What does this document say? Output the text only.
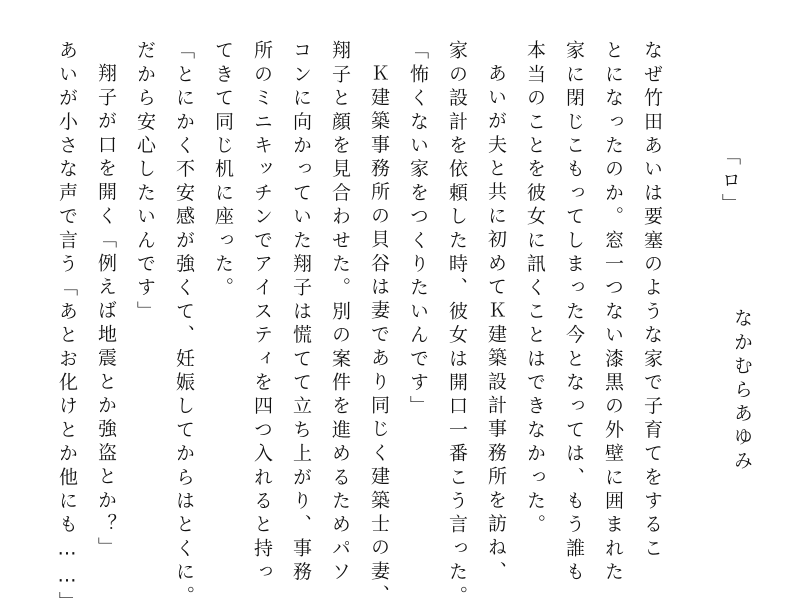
「ロ」
なかむらあゆみ
なぜ竹田あいは要塞のような家で子育てをするこ
とになったのか。窓一つない漆黒の外壁に囲まれた
家に閉じこもってしまった今となっては、もう誰も
本当のことを彼女に訊くことはできなかった。
あいが夫と共に初めてＫ建築設計事務所を訪ね、
家の設計を依頼した時、彼女は開口一番こう言った。
「怖くない家をつくりたいんです」
Ｋ建築事務所の貝谷は妻であり同じく建築士の妻、
翔子と顔を見合わせた。別の案件を進めるためパソ
コンに向かっていた翔子は慌てて立ち上がり、事務
所のミニキッチンでアイスティを四つ入れると持っ
てきて同じ机に座った。
「とにかく不安感が強くて、妊娠してからはとくに。
だから安心したいんです」
翔子が口を開く「例えば地震とか強盗とか？」
あいが小さな声で言う「あとお化けとか他にも……」
